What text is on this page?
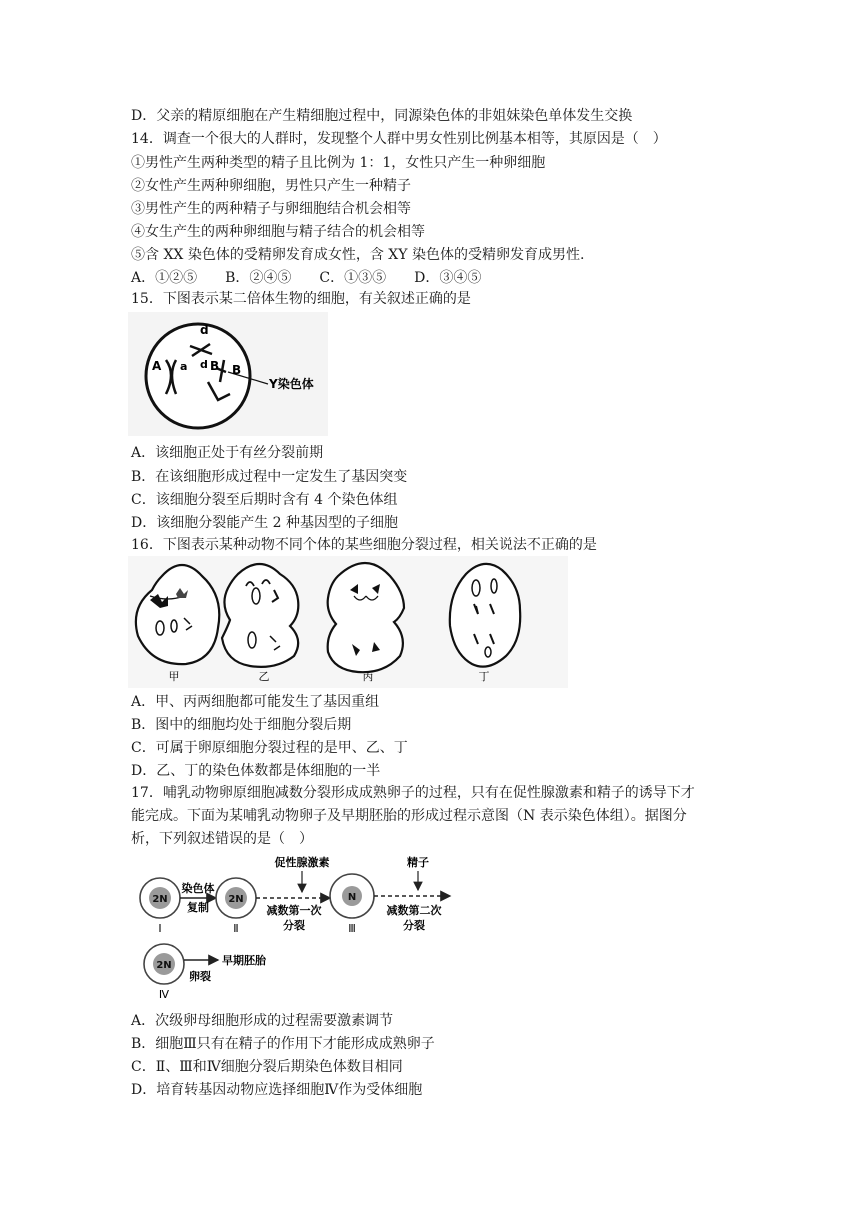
D．父亲的精原细胞在产生精细胞过程中，同源染色体的非姐妹染色单体发生交换
14．调查一个很大的人群时，发现整个人群中男女性别比例基本相等，其原因是（　）
①男性产生两种类型的精子且比例为 1：1，女性只产生一种卵细胞
②女性产生两种卵细胞，男性只产生一种精子
③男性产生的两种精子与卵细胞结合机会相等
④女生产生的两种卵细胞与精子结合的机会相等
⑤含 XX 染色体的受精卵发育成女性，含 XY 染色体的受精卵发育成男性.
A．①②⑤　　B．②④⑤　　C．①③⑤　　D．③④⑤
15．下图表示某二倍体生物的细胞，有关叙述正确的是
d
A a d B B
Y染色体
A．该细胞正处于有丝分裂前期
B．在该细胞形成过程中一定发生了基因突变
C．该细胞分裂至后期时含有 4 个染色体组
D．该细胞分裂能产生 2 种基因型的子细胞
16．下图表示某种动物不同个体的某些细胞分裂过程，相关说法不正确的是
甲	乙	丙	丁
A．甲、丙两细胞都可能发生了基因重组
B．图中的细胞均处于细胞分裂后期
C．可属于卵原细胞分裂过程的是甲、乙、丁
D．乙、丁的染色体数都是体细胞的一半
17．哺乳动物卵原细胞减数分裂形成成熟卵子的过程，只有在促性腺激素和精子的诱导下才
能完成。下面为某哺乳动物卵子及早期胚胎的形成过程示意图（N 表示染色体组）。据图分
析，下列叙述错误的是（　）
2N
Ⅰ
染色体
复制
2N
Ⅱ
促性腺激素
减数第一次
分裂
N
Ⅲ
精子
减数第二次
分裂
2N
Ⅳ
卵裂
早期胚胎
A．次级卵母细胞形成的过程需要激素调节
B．细胞Ⅲ只有在精子的作用下才能形成成熟卵子
C．Ⅱ、Ⅲ和Ⅳ细胞分裂后期染色体数目相同
D．培育转基因动物应选择细胞Ⅳ作为受体细胞
